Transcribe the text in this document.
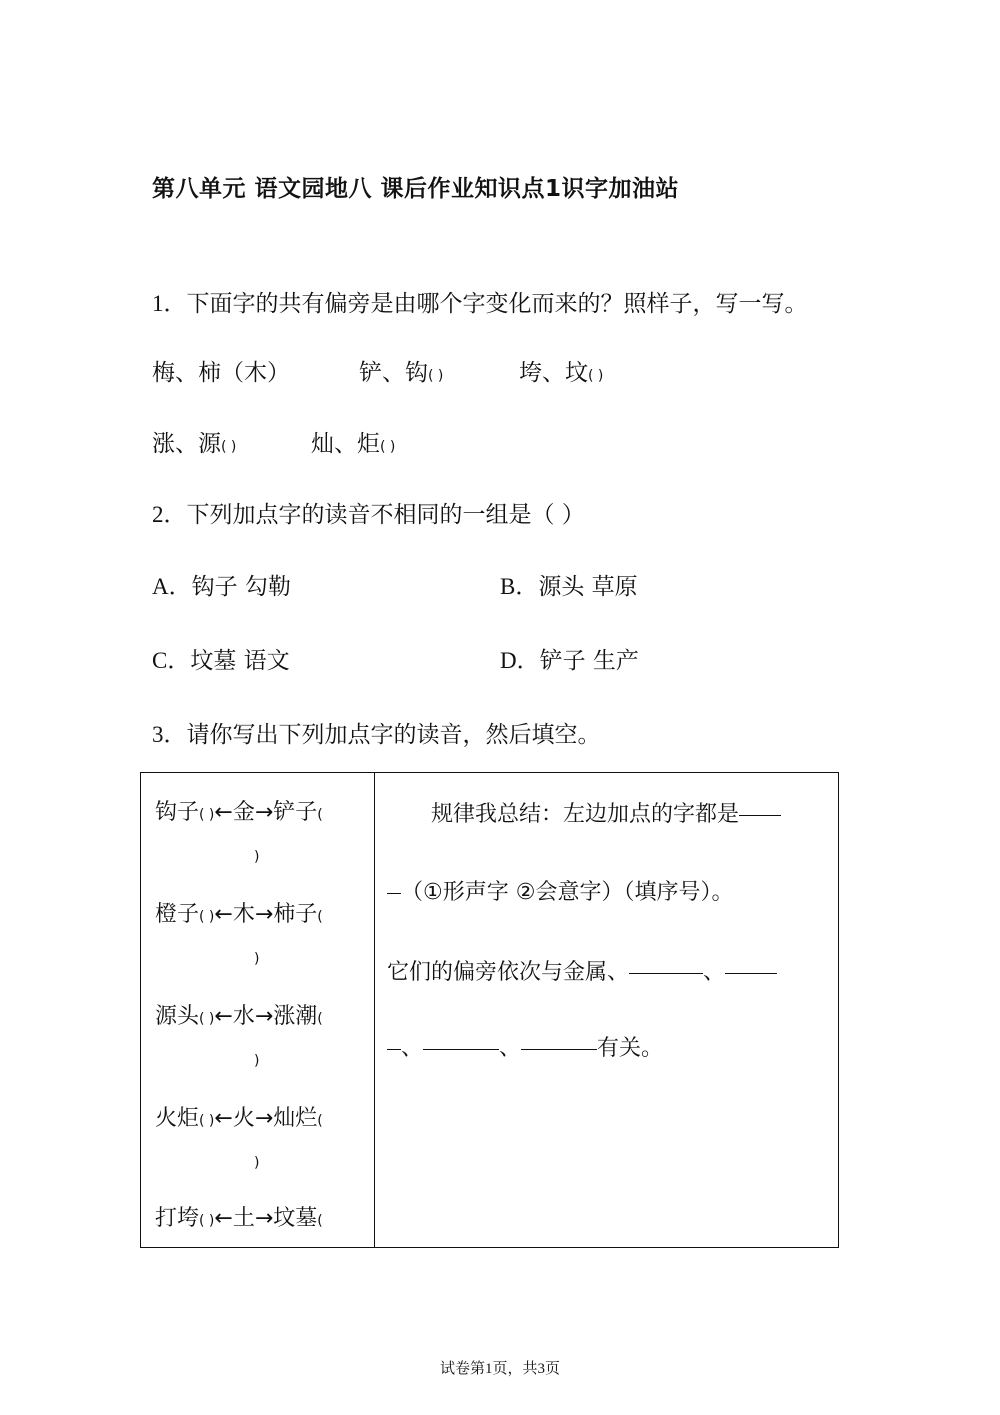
第八单元 语文园地八 课后作业知识点1识字加油站
1．下面字的共有偏旁是由哪个字变化而来的？照样子，写一写。
梅、柿（木）	铲、钩( )	垮、坟( )
涨、源( )	灿、炬( )
2．下列加点字的读音不相同的一组是（ ）
A．钩子 勾勒	B．源头 草原
C．坟墓 语文	D．铲子 生产
3．请你写出下列加点字的读音，然后填空。
钩子( )←金→铲子(
)
橙子( )←木→柿子(
)
源头( )←水→涨潮(
)
火炬( )←火→灿烂(
)
打垮( )←土→坟墓(

规律我总结：左边加点的字都是
（①形声字 ②会意字）（填序号）。
它们的偏旁依次与金属、	、
、	、	有关。
试卷第1页，共3页
